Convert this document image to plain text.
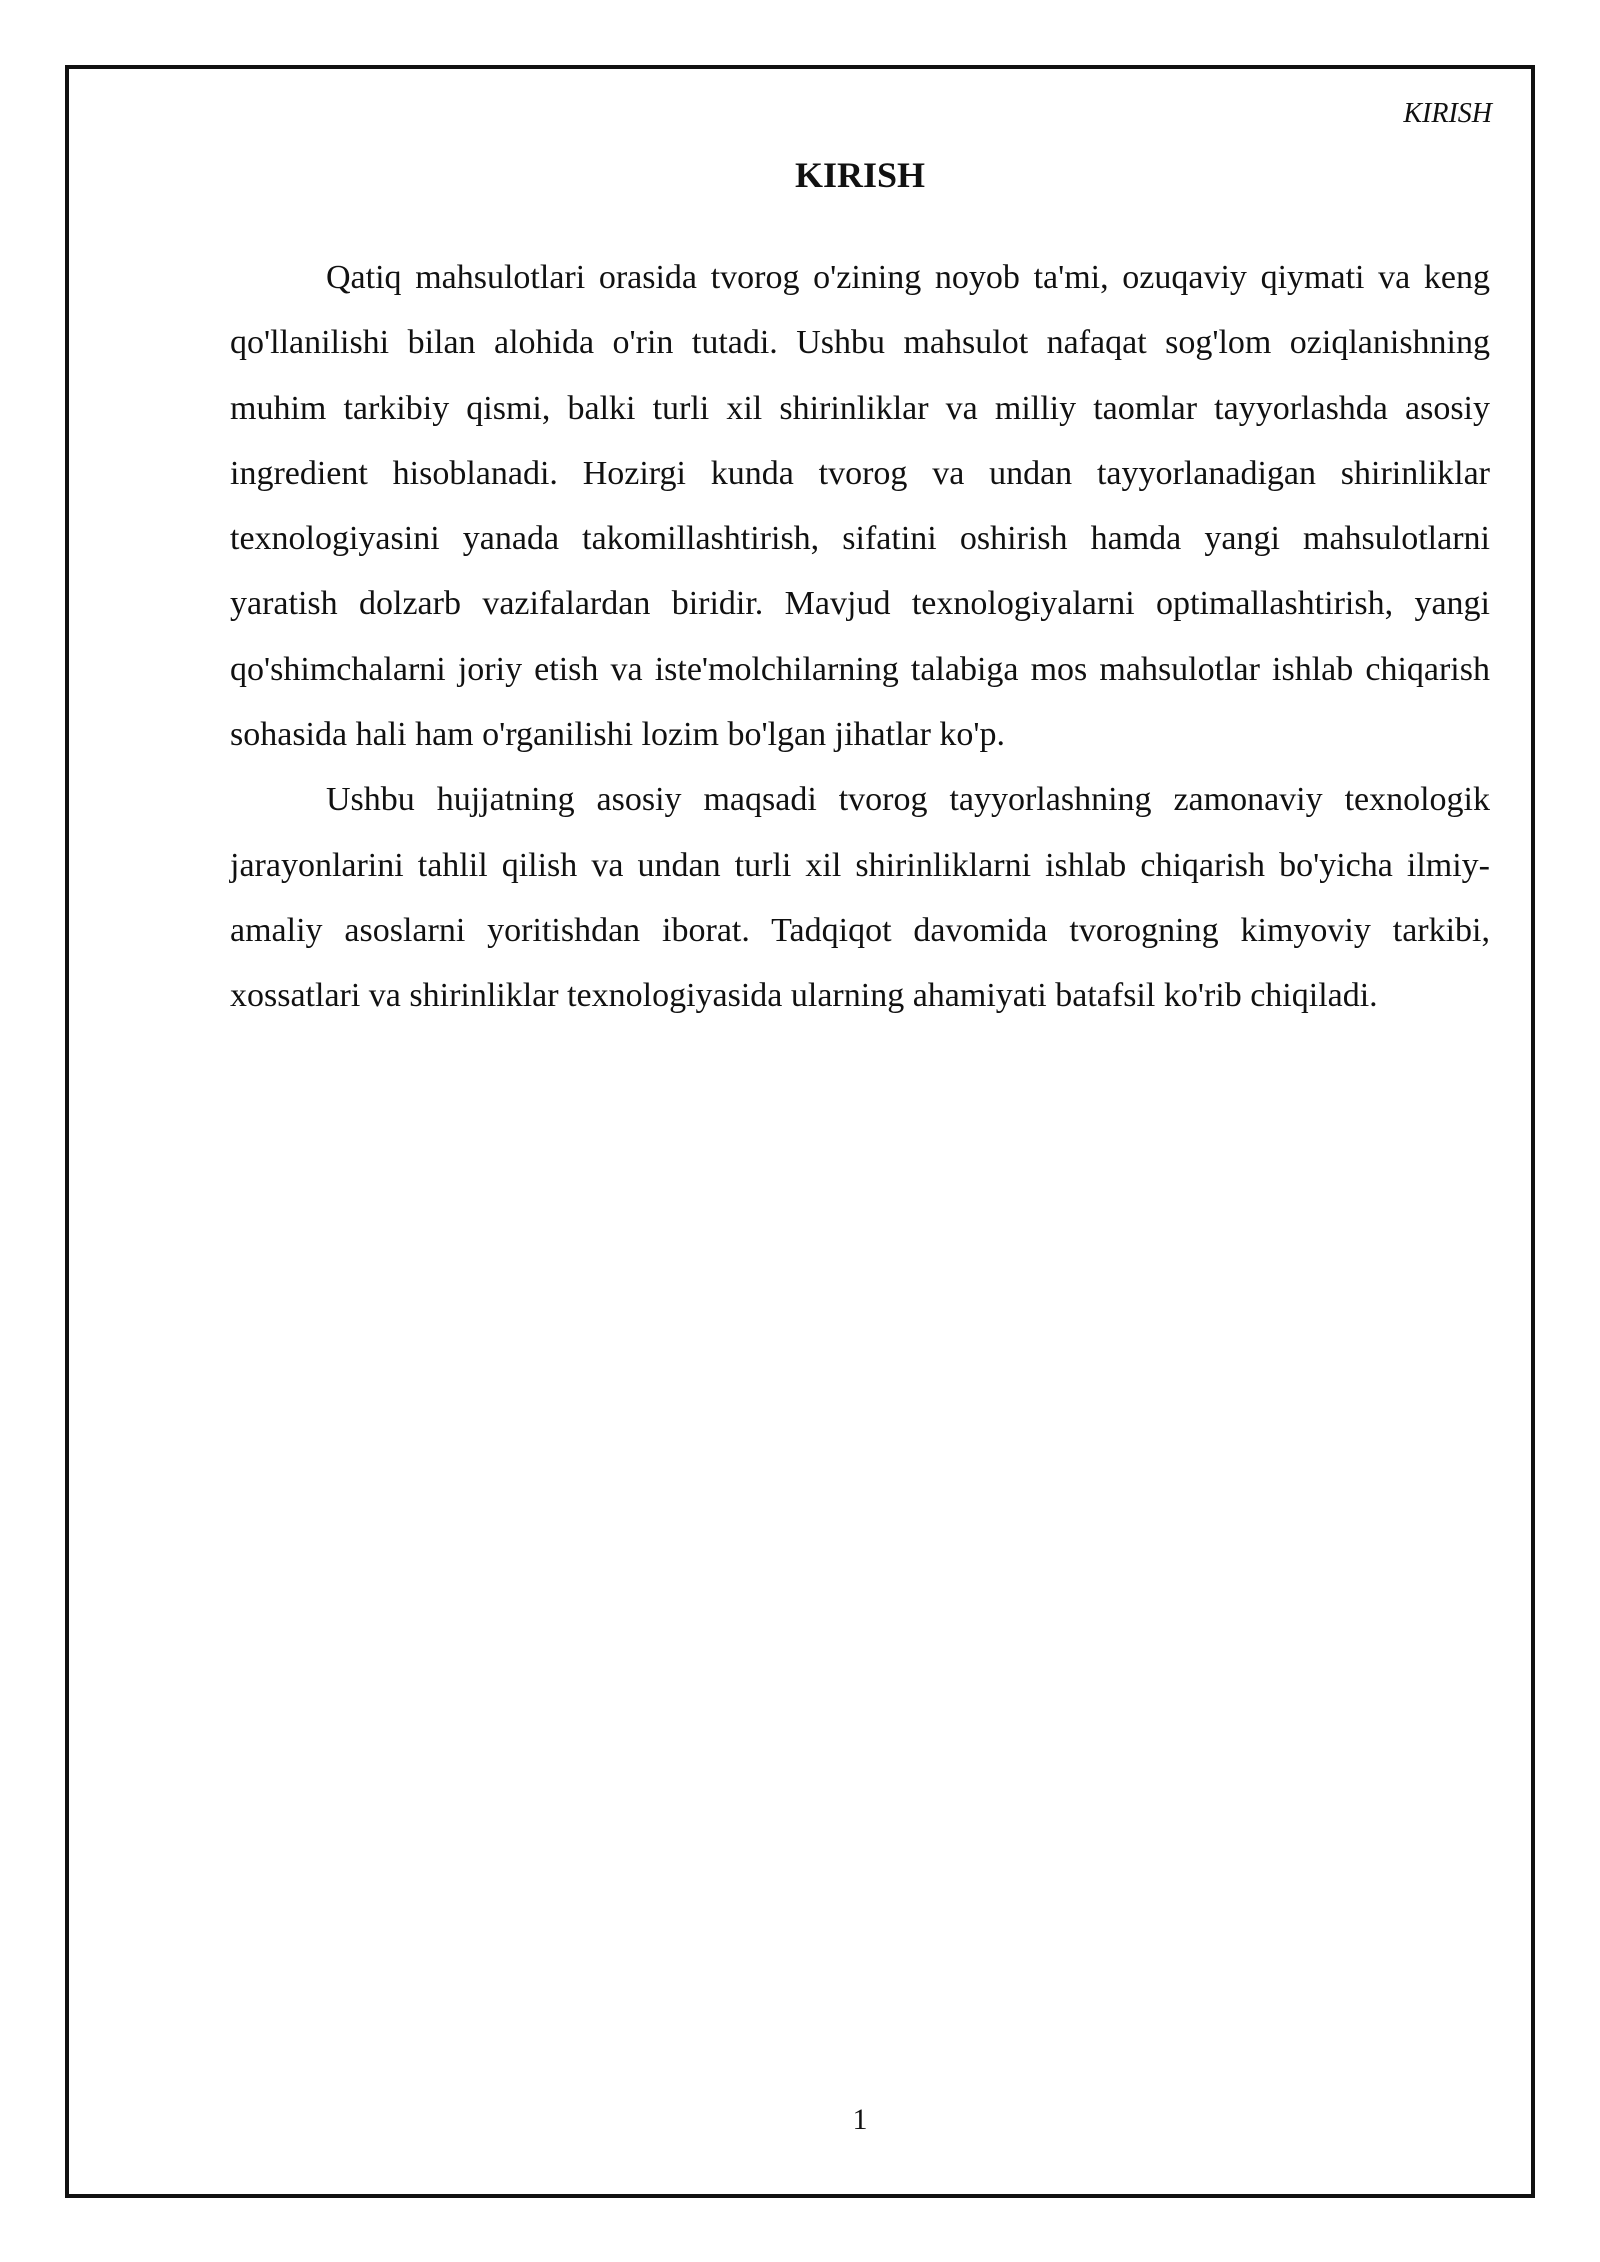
KIRISH
KIRISH

Qatiq mahsulotlari orasida tvorog o'zining noyob ta'mi, ozuqaviy qiymati va keng qo'llanilishi bilan alohida o'rin tutadi. Ushbu mahsulot nafaqat sog'lom oziqlanishning muhim tarkibiy qismi, balki turli xil shirinliklar va milliy taomlar tayyorlashda asosiy ingredient hisoblanadi. Hozirgi kunda tvorog va undan tayyorlanadigan shirinliklar texnologiyasini yanada takomillashtirish, sifatini oshirish hamda yangi mahsulotlarni yaratish dolzarb vazifalardan biridir. Mavjud texnologiyalarni optimallashtirish, yangi qo'shimchalarni joriy etish va iste'molchilarning talabiga mos mahsulotlar ishlab chiqarish sohasida hali ham o'rganilishi lozim bo'lgan jihatlar ko'p.

Ushbu hujjatning asosiy maqsadi tvorog tayyorlashning zamonaviy texnologik jarayonlarini tahlil qilish va undan turli xil shirinliklarni ishlab chiqarish bo'yicha ilmiy-amaliy asoslarni yoritishdan iborat. Tadqiqot davomida tvorogning kimyoviy tarkibi, xossatlari va shirinliklar texnologiyasida ularning ahamiyati batafsil ko'rib chiqiladi.

1
